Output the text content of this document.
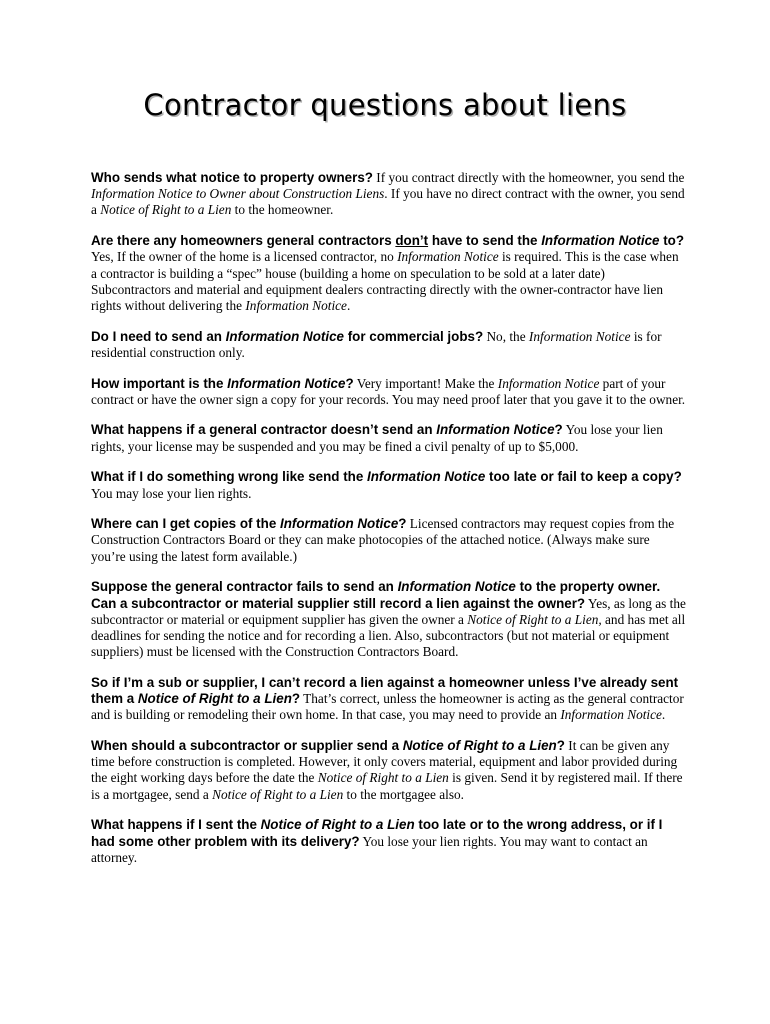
Contractor questions about liens

Who sends what notice to property owners? If you contract directly with the homeowner, you send the Information Notice to Owner about Construction Liens. If you have no direct contract with the owner, you send a Notice of Right to a Lien to the homeowner.

Are there any homeowners general contractors don’t have to send the Information Notice to? Yes, If the owner of the home is a licensed contractor, no Information Notice is required. This is the case when a contractor is building a “spec” house (building a home on speculation to be sold at a later date) Subcontractors and material and equipment dealers contracting directly with the owner-contractor have lien rights without delivering the Information Notice.

Do I need to send an Information Notice for commercial jobs? No, the Information Notice is for residential construction only.

How important is the Information Notice? Very important! Make the Information Notice part of your contract or have the owner sign a copy for your records. You may need proof later that you gave it to the owner.

What happens if a general contractor doesn’t send an Information Notice? You lose your lien rights, your license may be suspended and you may be fined a civil penalty of up to $5,000.

What if I do something wrong like send the Information Notice too late or fail to keep a copy? You may lose your lien rights.

Where can I get copies of the Information Notice? Licensed contractors may request copies from the Construction Contractors Board or they can make photocopies of the attached notice. (Always make sure you’re using the latest form available.)

Suppose the general contractor fails to send an Information Notice to the property owner. Can a subcontractor or material supplier still record a lien against the owner? Yes, as long as the subcontractor or material or equipment supplier has given the owner a Notice of Right to a Lien, and has met all deadlines for sending the notice and for recording a lien. Also, subcontractors (but not material or equipment suppliers) must be licensed with the Construction Contractors Board.

So if I’m a sub or supplier, I can’t record a lien against a homeowner unless I’ve already sent them a Notice of Right to a Lien? That’s correct, unless the homeowner is acting as the general contractor and is building or remodeling their own home. In that case, you may need to provide an Information Notice.

When should a subcontractor or supplier send a Notice of Right to a Lien? It can be given any time before construction is completed. However, it only covers material, equipment and labor provided during the eight working days before the date the Notice of Right to a Lien is given. Send it by registered mail. If there is a mortgagee, send a Notice of Right to a Lien to the mortgagee also.

What happens if I sent the Notice of Right to a Lien too late or to the wrong address, or if I had some other problem with its delivery? You lose your lien rights. You may want to contact an attorney.
